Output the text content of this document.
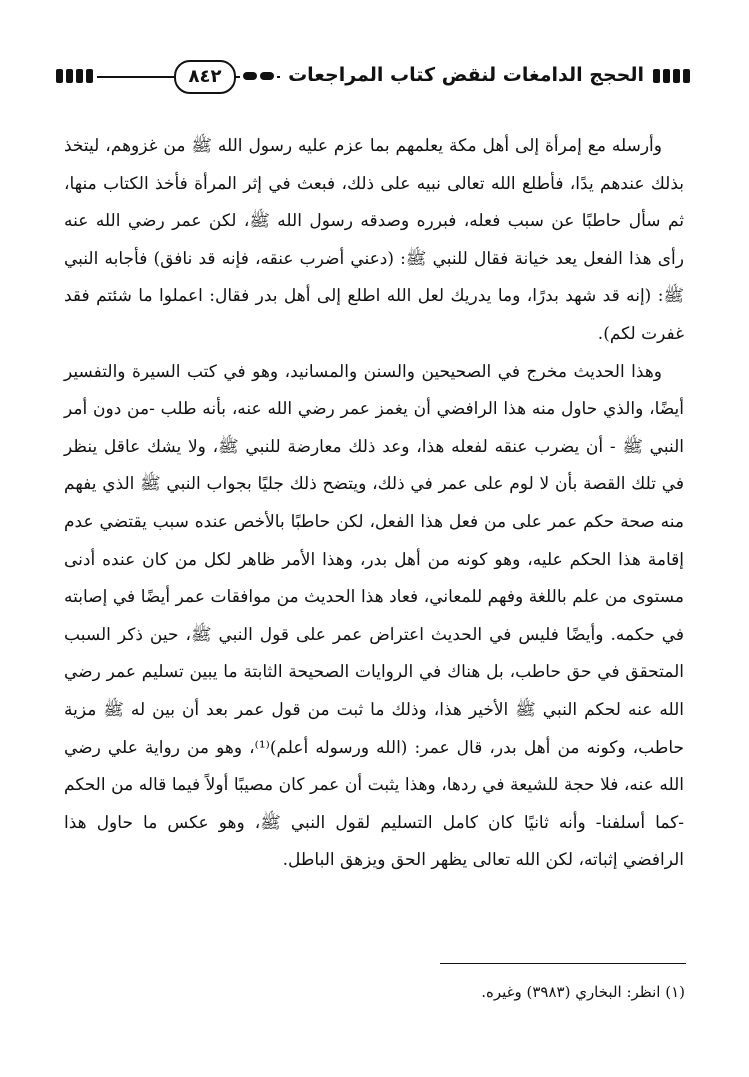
الحجج الدامغات لنقض كتاب المراجعات
٨٤٢

وأرسله مع إمرأة إلى أهل مكة يعلمهم بما عزم عليه رسول الله ﷺ من غزوهم، ليتخذ بذلك عندهم يدًا، فأطلع الله تعالى نبيه على ذلك، فبعث في إثر المرأة فأخذ الكتاب منها، ثم سأل حاطبًا عن سبب فعله، فبرره وصدقه رسول الله ﷺ، لكن عمر رضي الله عنه رأى هذا الفعل يعد خيانة فقال للنبي ﷺ: (دعني أضرب عنقه، فإنه قد نافق) فأجابه النبي ﷺ: (إنه قد شهد بدرًا، وما يدريك لعل الله اطلع إلى أهل بدر فقال: اعملوا ما شئتم فقد غفرت لكم).

وهذا الحديث مخرج في الصحيحين والسنن والمسانيد، وهو في كتب السيرة والتفسير أيضًا، والذي حاول منه هذا الرافضي أن يغمز عمر رضي الله عنه، بأنه طلب -من دون أمر النبي ﷺ - أن يضرب عنقه لفعله هذا، وعد ذلك معارضة للنبي ﷺ، ولا يشك عاقل ينظر في تلك القصة بأن لا لوم على عمر في ذلك، ويتضح ذلك جليًا بجواب النبي ﷺ الذي يفهم منه صحة حكم عمر على من فعل هذا الفعل، لكن حاطبًا بالأخص عنده سبب يقتضي عدم إقامة هذا الحكم عليه، وهو كونه من أهل بدر، وهذا الأمر ظاهر لكل من كان عنده أدنى مستوى من علم باللغة وفهم للمعاني، فعاد هذا الحديث من موافقات عمر أيضًا في إصابته في حكمه. وأيضًا فليس في الحديث اعتراض عمر على قول النبي ﷺ، حين ذكر السبب المتحقق في حق حاطب، بل هناك في الروايات الصحيحة الثابتة ما يبين تسليم عمر رضي الله عنه لحكم النبي ﷺ الأخير هذا، وذلك ما ثبت من قول عمر بعد أن بين له ﷺ مزية حاطب، وكونه من أهل بدر، قال عمر: (الله ورسوله أعلم)⁽¹⁾، وهو من رواية علي رضي الله عنه، فلا حجة للشيعة في ردها، وهذا يثبت أن عمر كان مصيبًا أولاً فيما قاله من الحكم -كما أسلفنا- وأنه ثانيًا كان كامل التسليم لقول النبي ﷺ، وهو عكس ما حاول هذا الرافضي إثباته، لكن الله تعالى يظهر الحق ويزهق الباطل.

(١) انظر: البخاري (٣٩٨٣) وغيره.
